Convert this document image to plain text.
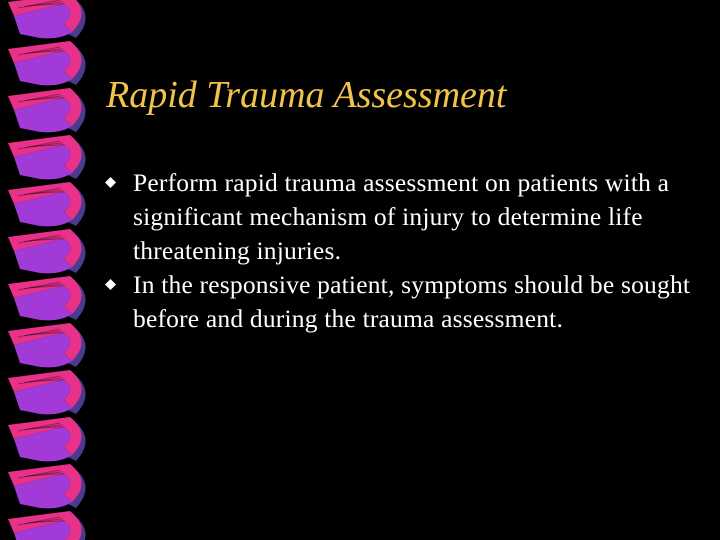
Rapid Trauma Assessment
Perform rapid trauma assessment on patients with a significant mechanism of injury to determine life threatening injuries.
In the responsive patient, symptoms should be sought before and during the trauma assessment.
